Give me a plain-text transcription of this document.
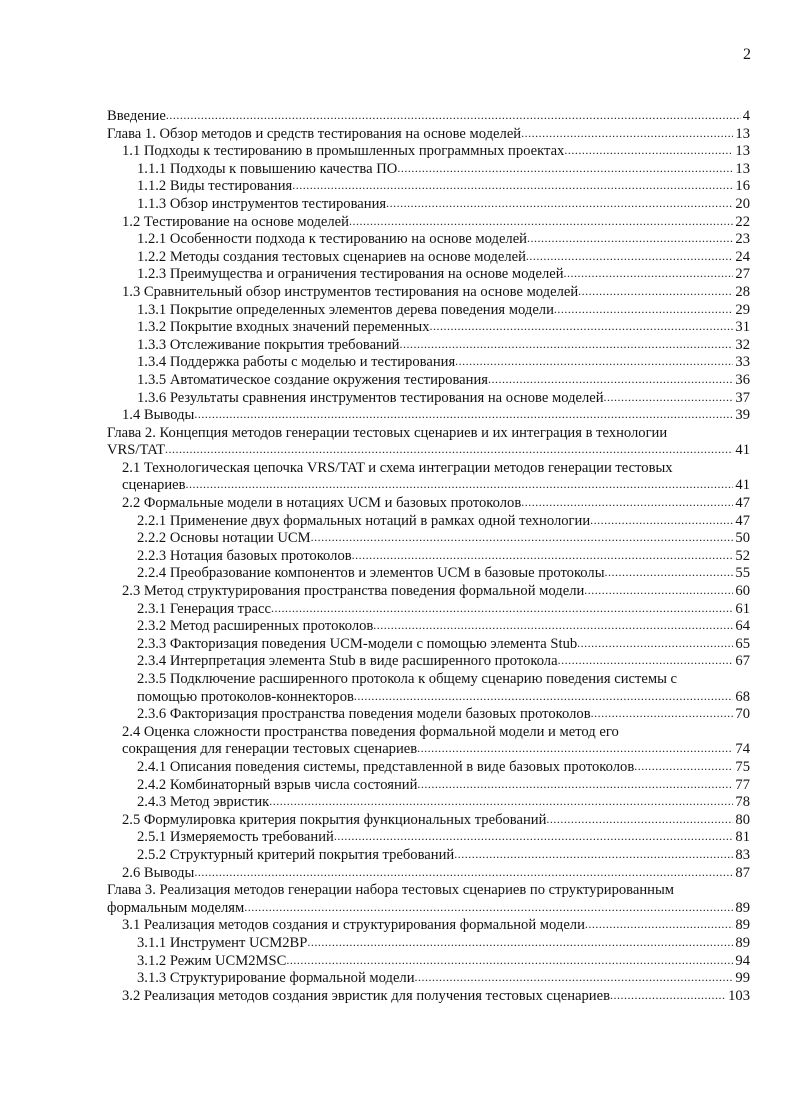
2
Введение .....	4
Глава 1. Обзор методов и средств тестирования на основе моделей .....	13
1.1 Подходы к тестированию в промышленных программных проектах .....	13
1.1.1 Подходы к повышению качества ПО .....	13
1.1.2 Виды тестирования .....	16
1.1.3 Обзор инструментов тестирования .....	20
1.2 Тестирование на основе моделей .....	22
1.2.1 Особенности подхода к тестированию на основе моделей .....	23
1.2.2 Методы создания тестовых сценариев на основе моделей .....	24
1.2.3 Преимущества и ограничения тестирования на основе моделей .....	27
1.3 Сравнительный обзор инструментов тестирования на основе моделей .....	28
1.3.1 Покрытие определенных элементов дерева поведения модели .....	29
1.3.2 Покрытие входных значений переменных .....	31
1.3.3 Отслеживание покрытия требований .....	32
1.3.4 Поддержка работы с моделью и тестирования .....	33
1.3.5 Автоматическое создание окружения тестирования .....	36
1.3.6 Результаты сравнения инструментов тестирования на основе моделей .....	37
1.4 Выводы .....	39
Глава 2. Концепция методов генерации тестовых сценариев и их интеграция в технологии
VRS/TAT .....	41
2.1 Технологическая цепочка VRS/TAT и схема интеграции методов генерации тестовых
сценариев .....	41
2.2 Формальные модели в нотациях UCM и базовых протоколов .....	47
2.2.1 Применение двух формальных нотаций в рамках одной технологии .....	47
2.2.2 Основы нотации UCM .....	50
2.2.3 Нотация базовых протоколов .....	52
2.2.4 Преобразование компонентов и элементов UCM в базовые протоколы .....	55
2.3 Метод структурирования пространства поведения формальной модели .....	60
2.3.1 Генерация трасс .....	61
2.3.2 Метод расширенных протоколов .....	64
2.3.3 Факторизация поведения UCM-модели с помощью элемента Stub .....	65
2.3.4 Интерпретация элемента Stub в виде расширенного протокола .....	67
2.3.5 Подключение расширенного протокола к общему сценарию поведения системы с
помощью протоколов-коннекторов .....	68
2.3.6 Факторизация пространства поведения модели базовых протоколов .....	70
2.4 Оценка сложности пространства поведения формальной модели и метод его
сокращения для генерации тестовых сценариев .....	74
2.4.1 Описания поведения системы, представленной в виде базовых протоколов .....	75
2.4.2 Комбинаторный взрыв числа состояний .....	77
2.4.3 Метод эвристик .....	78
2.5 Формулировка критерия покрытия функциональных требований .....	80
2.5.1 Измеряемость требований .....	81
2.5.2 Структурный критерий покрытия требований .....	83
2.6 Выводы .....	87
Глава 3. Реализация методов генерации набора тестовых сценариев по структурированным
формальным моделям .....	89
3.1 Реализация методов создания и структурирования формальной модели .....	89
3.1.1 Инструмент UCM2BP .....	89
3.1.2 Режим UCM2MSC .....	94
3.1.3 Структурирование формальной модели .....	99
3.2 Реализация методов создания эвристик для получения тестовых сценариев .....	103
